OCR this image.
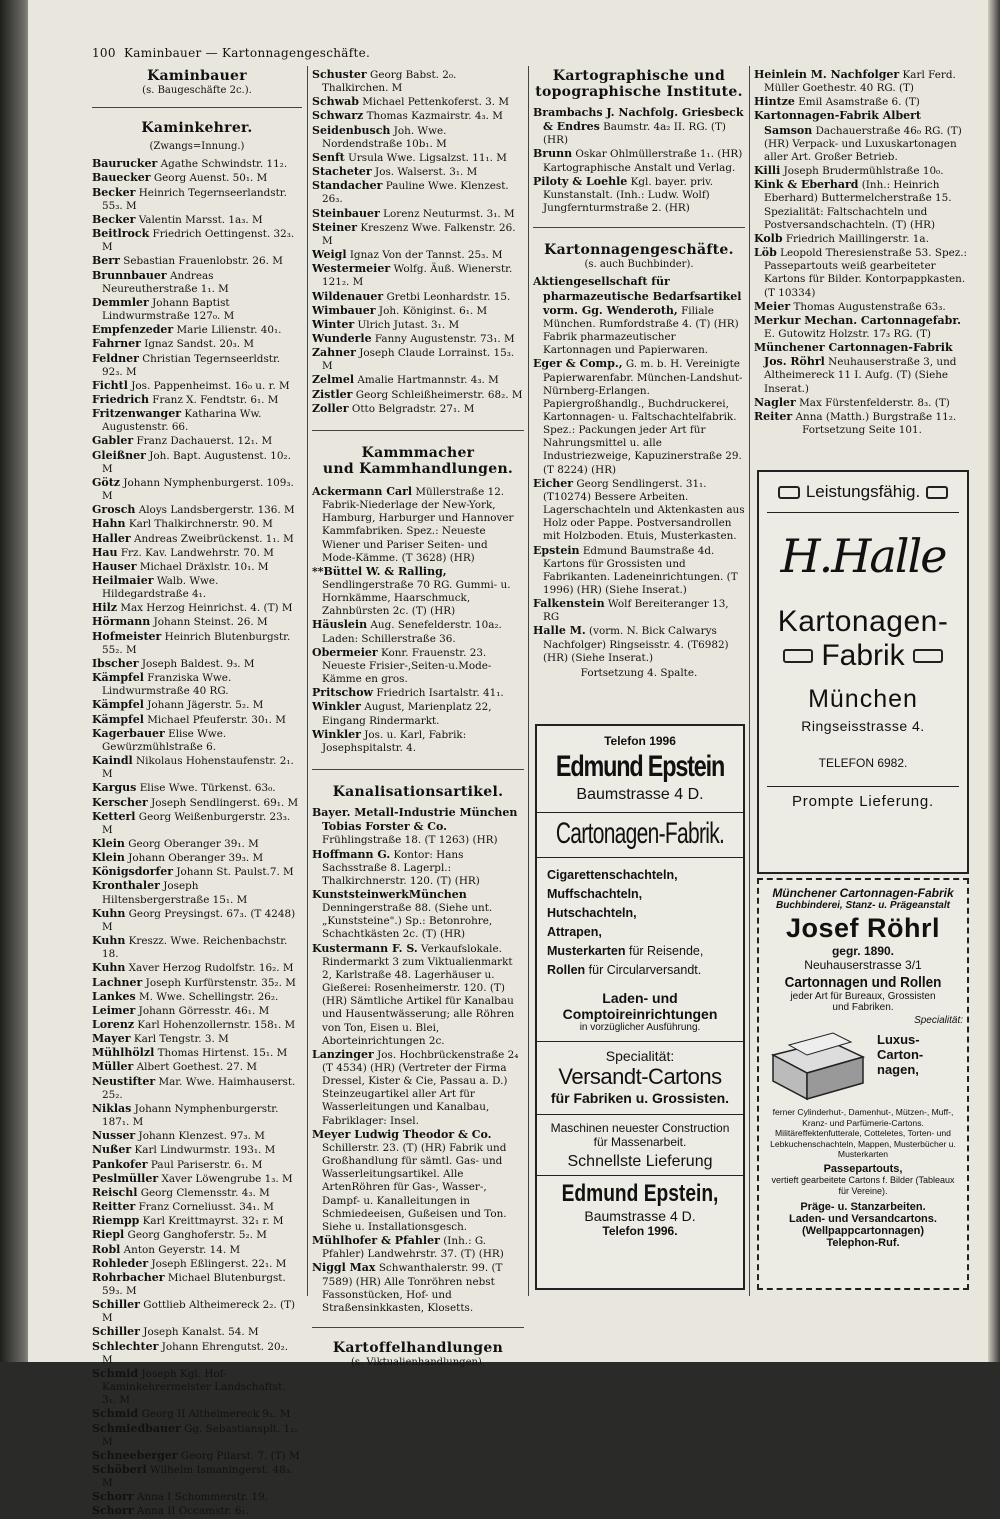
100 Kaminbauer — Kartonnagengeschäfte.
Kaminbauer
(s. Baugeschäfte 2c.).
Kaminkehrer.
(Zwangs=Innung.)
Baurucker Agathe Schwindstr. 11₂.
Bauecker Georg Auenst. 50₁. M
Becker Heinrich Tegernseerlandstr. 55₃. M
Becker Valentin Marsst. 1a₃. M
Beitlrock Friedrich Oettingenst. 32₃. M
Berr Sebastian Frauenlobstr. 26. M
Brunnbauer Andreas Neureutherstraße 1₁. M
Demmler Johann Baptist Lindwurmstraße 127₀. M
Empfenzeder Marie Lilienstr. 40₁.
Fahrner Ignaz Sandst. 20₃. M
Feldner Christian Tegernseerldstr. 92₃. M
Fichtl Jos. Pappenheimst. 16₀ u. r. M
Friedrich Franz X. Fendtstr. 6₁. M
Fritzenwanger Katharina Ww. Augustenstr. 66.
Gabler Franz Dachauerst. 12₁. M
Gleißner Joh. Bapt. Augustenst. 10₂. M
Götz Johann Nymphenburgerst. 109₃. M
Grosch Aloys Landsbergerstr. 136. M
Hahn Karl Thalkirchnerstr. 90. M
Haller Andreas Zweibrückenst. 1₁. M
Hau Frz. Kav. Landwehrstr. 70. M
Hauser Michael Dräxlstr. 10₁. M
Heilmaier Walb. Wwe. Hildegardstraße 4₁.
Hilz Max Herzog Heinrichst. 4. (T) M
Hörmann Johann Steinst. 26. M
Hofmeister Heinrich Blutenburgstr. 55₂. M
Ibscher Joseph Baldest. 9₃. M
Kämpfel Franziska Wwe. Lindwurmstraße 40 RG.
Kämpfel Johann Jägerstr. 5₂. M
Kämpfel Michael Pfeuferstr. 30₁. M
Kagerbauer Elise Wwe. Gewürzmühlstraße 6.
Kaindl Nikolaus Hohenstaufenstr. 2₁. M
Kargus Elise Wwe. Türkenst. 63₀.
Kerscher Joseph Sendlingerst. 69₁. M
Ketterl Georg Weißenburgerstr. 23₃. M
Klein Georg Oberanger 39₁. M
Klein Johann Oberanger 39₃. M
Königsdorfer Johann St. Paulst.7. M
Kronthaler Joseph Hiltensbergerstraße 15₁. M
Kuhn Georg Preysingst. 67₃. (T 4248) M
Kuhn Kreszz. Wwe. Reichenbachstr. 18.
Kuhn Xaver Herzog Rudolfstr. 16₂. M
Lachner Joseph Kurfürstenstr. 35₂. M
Lankes M. Wwe. Schellingstr. 26₂.
Leimer Johann Görresstr. 46₁. M
Lorenz Karl Hohenzollernstr. 158₁. M
Mayer Karl Tengstr. 3. M
Mühlhölzl Thomas Hirtenst. 15₁. M
Müller Albert Goethest. 27. M
Neustifter Mar. Wwe. Haimhauserst. 25₂.
Niklas Johann Nymphenburgerstr. 187₁. M
Nusser Johann Klenzest. 97₃. M
Nußer Karl Lindwurmstr. 193₁. M
Pankofer Paul Pariserstr. 6₁. M
Peslmüller Xaver Löwengrube 1₃. M
Reischl Georg Clemensstr. 4₃. M
Reitter Franz Corneliusst. 34₁. M
Riempp Karl Kreittmayrst. 32₁ r. M
Riepl Georg Ganghoferstr. 5₂. M
Robl Anton Geyerstr. 14. M
Rohleder Joseph Eßlingerst. 22₁. M
Rohrbacher Michael Blutenburgst. 59₃. M
Schiller Gottlieb Altheimereck 2₂. (T) M
Schiller Joseph Kanalst. 54. M
Schlechter Johann Ehrengutst. 20₂. M
Schmid Joseph Kgl. Hof-Kaminkehrermeister Landschaftst. 3₁. M
Schmid Georg II Altheimereck 9₂. M
Schmiedbauer Gg. Sebastiansplt. 1₂. M
Schneeberger Georg Pilarst. 7. (T) M
Schöberl Wilhelm Ismaningerst. 48₃. M
Schorr Anna I Schommerstr. 19.
Schorr Anna II Occamstr. 6₁.
Schuster Georg Babst. 2₀. Thalkirchen. M
Schwab Michael Pettenkoferst. 3. M
Schwarz Thomas Kazmairstr. 4₃. M
Seidenbusch Joh. Wwe. Nordendstraße 10b₁. M
Senft Ursula Wwe. Ligsalzst. 11₁. M
Stacheter Jos. Walserst. 3₁. M
Standacher Pauline Wwe. Klenzest. 26₃.
Steinbauer Lorenz Neuturmst. 3₁. M
Steiner Kreszenz Wwe. Falkenstr. 26. M
Weigl Ignaz Von der Tannst. 25₃. M
Westermeier Wolfg. Äuß. Wienerstr. 121₂. M
Wildenauer Gretbi Leonhardstr. 15.
Wimbauer Joh. Königinst. 6₁. M
Winter Ulrich Jutast. 3₁. M
Wunderle Fanny Augustenstr. 73₁. M
Zahner Joseph Claude Lorrainst. 15₃. M
Zelmel Amalie Hartmannstr. 4₃. M
Zistler Georg Schleißheimerstr. 68₂. M
Zoller Otto Belgradstr. 27₁. M
Kammmacher
und Kammhandlungen.
Ackermann Carl Müllerstraße 12. Fabrik-Niederlage der New-York, Hamburg, Harburger und Hannover Kammfabriken. Spez.: Neueste Wiener und Pariser Seiten- und Mode-Kämme. (T 3628) (HR)
**Büttel W. & Ralling, Sendlingerstraße 70 RG. Gummi- u. Hornkämme, Haarschmuck, Zahnbürsten 2c. (T) (HR)
Häuslein Aug. Senefelderstr. 10a₂. Laden: Schillerstraße 36.
Obermeier Konr. Frauenstr. 23. Neueste Frisier-,Seiten-u.Mode-Kämme en gros.
Pritschow Friedrich Isartalstr. 41₁.
Winkler August, Marienplatz 22, Eingang Rindermarkt.
Winkler Jos. u. Karl, Fabrik: Josephspitalstr. 4.
Kanalisationsartikel.
Bayer. Metall-Industrie München Tobias Forster & Co. Frühlingstraße 18. (T 1263) (HR)
Hoffmann G. Kontor: Hans Sachsstraße 8. Lagerpl.: Thalkirchnerstr. 120. (T) (HR)
KunststeinwerkMünchen Denningerstraße 88. (Siehe unt. „Kunststeine".) Sp.: Betonrohre, Schachtkästen 2c. (T) (HR)
Kustermann F. S. Verkaufslokale. Rindermarkt 3 zum Viktualienmarkt 2, Karlstraße 48. Lagerhäuser u. Gießerei: Rosenheimerstr. 120. (T) (HR) Sämtliche Artikel für Kanalbau und Hausentwässerung; alle Röhren von Ton, Eisen u. Blei, Aborteinrichtungen 2c.
Lanzinger Jos. Hochbrückenstraße 2₄ (T 4534) (HR) (Vertreter der Firma Dressel, Kister & Cie, Passau a. D.) Steinzeugartikel aller Art für Wasserleitungen und Kanalbau, Fabriklager: Insel.
Meyer Ludwig Theodor & Co. Schillerstr. 23. (T) (HR) Fabrik und Großhandlung für sämtl. Gas- und Wasserleitungsartikel. Alle ArtenRöhren für Gas-, Wasser-, Dampf- u. Kanalleitungen in Schmiedeeisen, Gußeisen und Ton. Siehe u. Installationsgesch.
Mühlhofer & Pfahler (Inh.: G. Pfahler) Landwehrstr. 37. (T) (HR)
Niggl Max Schwanthalerstr. 99. (T 7589) (HR) Alle Tonröhren nebst Fassonstücken, Hof- und Straßensinkkasten, Klosetts.
Kartoffelhandlungen
(s. Viktualienhandlungen).
Kartographische und
topographische Institute.
Brambachs J. Nachfolg. Griesbeck & Endres Baumstr. 4a₂ II. RG. (T) (HR)
Brunn Oskar Ohlmüllerstraße 1₁. (HR) Kartographische Anstalt und Verlag.
Piloty & Loehle Kgl. bayer. priv. Kunstanstalt. (Inh.: Ludw. Wolf) Jungfernturmstraße 2. (HR)
Kartonnagengeschäfte.
(s. auch Buchbinder).
Aktiengesellschaft für pharmazeutische Bedarfsartikel vorm. Gg. Wenderoth, Filiale München. Rumfordstraße 4. (T) (HR) Fabrik pharmazeutischer Kartonnagen und Papierwaren.
Eger & Comp., G. m. b. H. Vereinigte Papierwarenfabr. München-Landshut-Nürnberg-Erlangen. Papiergroßhandlg., Buchdruckerei, Kartonnagen- u. Faltschachtelfabrik. Spez.: Packungen jeder Art für Nahrungsmittel u. alle Industriezweige, Kapuzinerstraße 29. (T 8224) (HR)
Eicher Georg Sendlingerst. 31₁. (T10274) Bessere Arbeiten. Lagerschachteln und Aktenkasten aus Holz oder Pappe. Postversandrollen mit Holzboden. Etuis, Musterkasten.
Epstein Edmund Baumstraße 4d. Kartons für Grossisten und Fabrikanten. Ladeneinrichtungen. (T 1996) (HR) (Siehe Inserat.)
Falkenstein Wolf Bereiteranger 13, RG
Halle M. (vorm. N. Bick Calwarys Nachfolger) Ringseisstr. 4. (T6982) (HR) (Siehe Inserat.)
Fortsetzung 4. Spalte.
Heinlein M. Nachfolger Karl Ferd. Müller Goethestr. 40 RG. (T)
Hintze Emil Asamstraße 6. (T)
Kartonnagen-Fabrik Albert Samson Dachauerstraße 46₀ RG. (T) (HR) Verpack- und Luxuskartonagen aller Art. Großer Betrieb.
Killi Joseph Brudermühlstraße 10₀.
Kink & Eberhard (Inh.: Heinrich Eberhard) Buttermelcherstraße 15. Spezialität: Faltschachteln und Postversandschachteln. (T) (HR)
Kolb Friedrich Maillingerstr. 1a.
Löb Leopold Theresienstraße 53. Spez.: Passepartouts weiß gearbeiteter Kartons für Bilder. Kontorpappkasten. (T 10334)
Meier Thomas Augustenstraße 63₃.
Merkur Mechan. Cartonnagefabr. E. Gutowitz Holzstr. 17₃ RG. (T)
Münchener Cartonnagen-Fabrik Jos. Röhrl Neuhauserstraße 3, und Altheimereck 11 I. Aufg. (T) (Siehe Inserat.)
Nagler Max Fürstenfelderstr. 8₃. (T)
Reiter Anna (Matth.) Burgstraße 11₂.
Fortsetzung Seite 101.
Telefon 1996
Edmund Epstein
Baumstrasse 4 D.
Cartonagen-Fabrik.
Cigarettenschachteln,
Muffschachteln,
Hutschachteln,
Attrapen,
Musterkarten für Reisende,
Rollen für Circularversandt.
Laden- und
Comptoireinrichtungen
in vorzüglicher Ausführung.
Specialität:
Versandt-Cartons
für Fabriken u. Grossisten.
Maschinen neuester Construction
für Massenarbeit.
Schnellste Lieferung
Edmund Epstein,
Baumstrasse 4 D.
Telefon 1996.
Leistungsfähig.
H.Halle
Kartonagen-
Fabrik
München
Ringseisstrasse 4.
TELEFON 6982.
Prompte Lieferung.
Münchener Cartonnagen-Fabrik
Buchbinderei, Stanz- u. Prägeanstalt
Josef Röhrl
gegr. 1890.
Neuhauserstrasse 3/1
Cartonnagen und Rollen
jeder Art für Bureaux, Grossisten
und Fabriken.
Specialität:
Luxus-
Carton-
nagen,
ferner Cylinderhut-, Damenhut-, Mützen-, Muff-, Kranz- und Parfümerie-Cartons. Militäreffektenfutterale, Cotteletes, Torten- und Lebkuchenschachteln, Mappen, Musterbücher u. Musterkarten
Passepartouts,
vertieft gearbeitete Cartons f. Bilder (Tableaux für Vereine).
Präge- u. Stanzarbeiten.
Laden- und Versandcartons.
(Wellpappcartonnagen)
Telephon-Ruf.
